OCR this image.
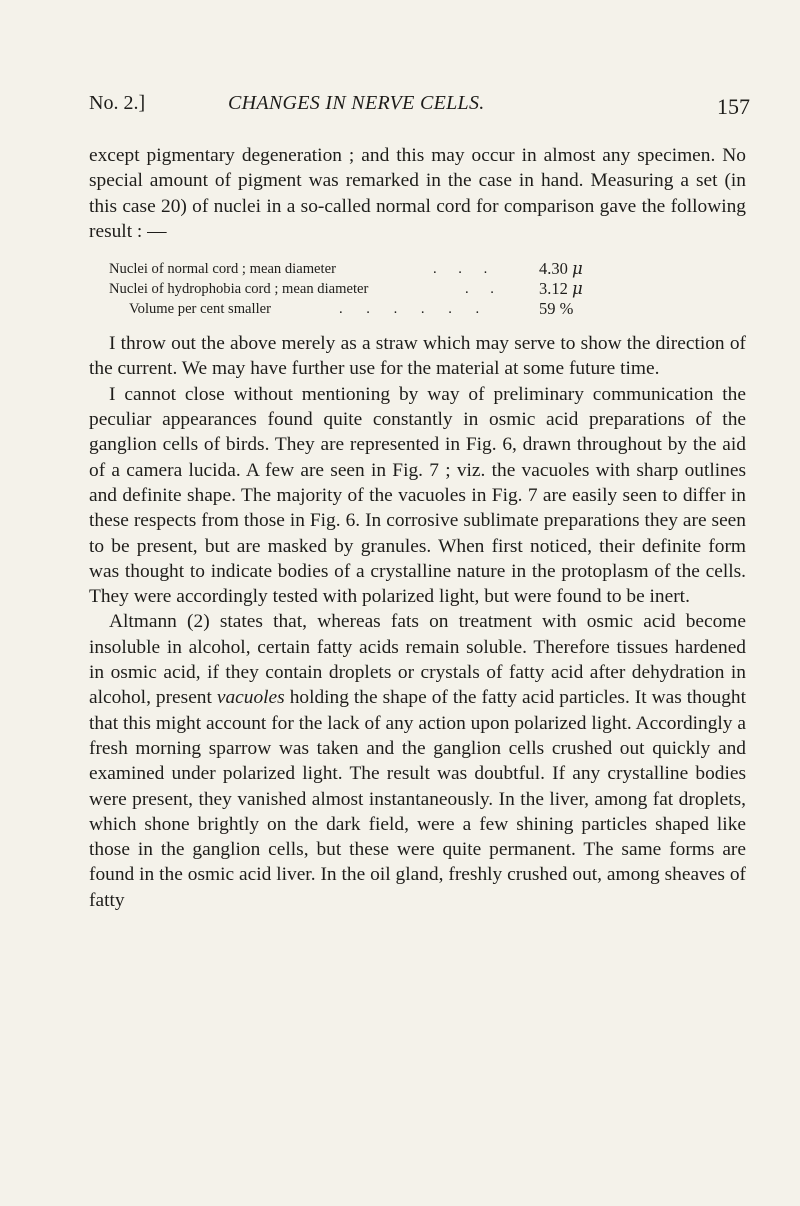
No. 2.]	CHANGES IN NERVE CELLS.	157

except pigmentary degeneration ; and this may occur in almost any specimen. No special amount of pigment was remarked in the case in hand. Measuring a set (in this case 20) of nuclei in a so-called normal cord for comparison gave the following result : —

Nuclei of normal cord ; mean diameter	. . .	4.30 μ
Nuclei of hydrophobia cord ; mean diameter	. . 3.12 μ
Volume per cent smaller	. . . . . .	59 %

I throw out the above merely as a straw which may serve to show the direction of the current. We may have further use for the material at some future time.

I cannot close without mentioning by way of preliminary communication the peculiar appearances found quite constantly in osmic acid preparations of the ganglion cells of birds. They are represented in Fig. 6, drawn throughout by the aid of a camera lucida. A few are seen in Fig. 7 ; viz. the vacuoles with sharp outlines and definite shape. The majority of the vacuoles in Fig. 7 are easily seen to differ in these respects from those in Fig. 6. In corrosive sublimate preparations they are seen to be present, but are masked by granules. When first noticed, their definite form was thought to indicate bodies of a crystalline nature in the protoplasm of the cells. They were accordingly tested with polarized light, but were found to be inert.

Altmann (2) states that, whereas fats on treatment with osmic acid become insoluble in alcohol, certain fatty acids remain soluble. Therefore tissues hardened in osmic acid, if they contain droplets or crystals of fatty acid after dehydration in alcohol, present vacuoles holding the shape of the fatty acid particles. It was thought that this might account for the lack of any action upon polarized light. Accordingly a fresh morning sparrow was taken and the ganglion cells crushed out quickly and examined under polarized light. The result was doubtful. If any crystalline bodies were present, they vanished almost instantaneously. In the liver, among fat droplets, which shone brightly on the dark field, were a few shining particles shaped like those in the ganglion cells, but these were quite permanent. The same forms are found in the osmic acid liver. In the oil gland, freshly crushed out, among sheaves of fatty
